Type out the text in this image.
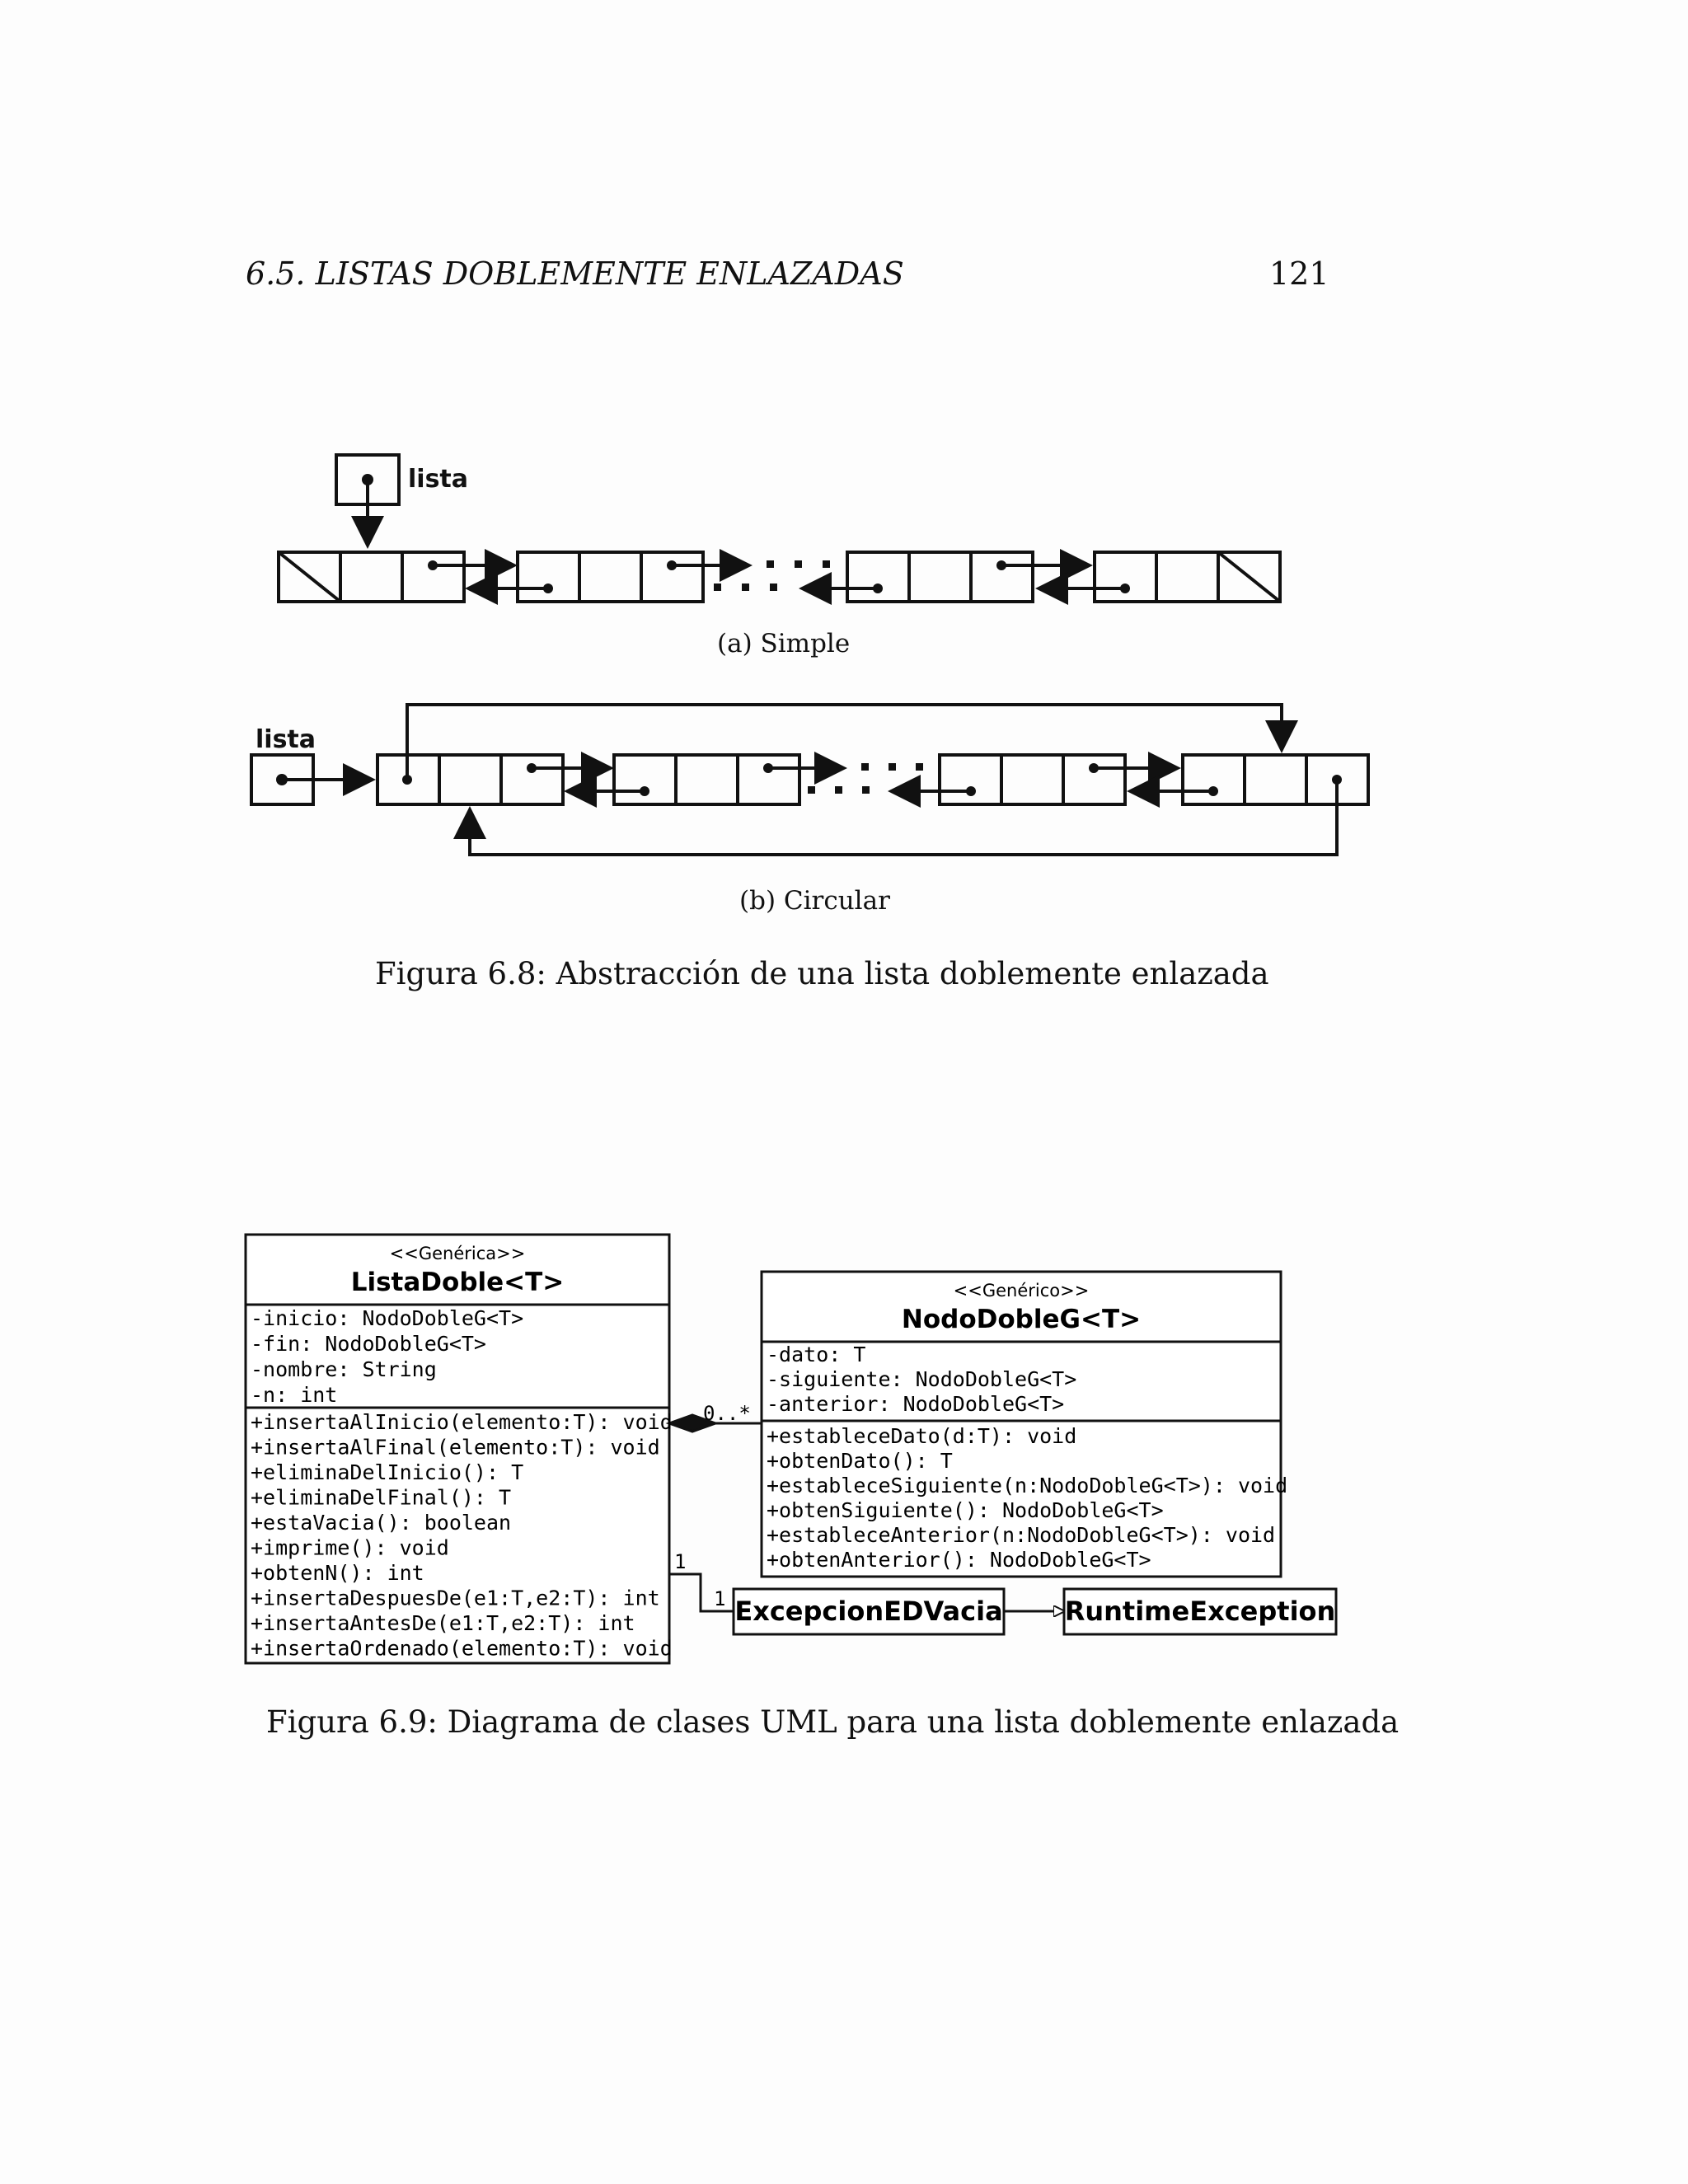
6.5. LISTAS DOBLEMENTE ENLAZADAS	121
lista
lista
(a) Simple
(b) Circular
Figura 6.8: Abstracción de una lista doblemente enlazada
<<Genérica>>
ListaDoble<T>
-inicio: NodoDobleG<T>
-fin: NodoDobleG<T>
-nombre: String
-n: int
+insertaAlInicio(elemento:T): void
+insertaAlFinal(elemento:T): void
+eliminaDelInicio(): T
+eliminaDelFinal(): T
+estaVacia(): boolean
+imprime(): void
+obtenN(): int
+insertaDespuesDe(e1:T,e2:T): int
+insertaAntesDe(e1:T,e2:T): int
+insertaOrdenado(elemento:T): void
<<Genérico>>
NodoDobleG<T>
-dato: T
-siguiente: NodoDobleG<T>
-anterior: NodoDobleG<T>
+estableceDato(d:T): void
+obtenDato(): T
+estableceSiguiente(n:NodoDobleG<T>): void
+obtenSiguiente(): NodoDobleG<T>
+estableceAnterior(n:NodoDobleG<T>): void
+obtenAnterior(): NodoDobleG<T>
0..*
1
1 ExcepcionEDVacia RuntimeException
Figura 6.9: Diagrama de clases UML para una lista doblemente enlazada
